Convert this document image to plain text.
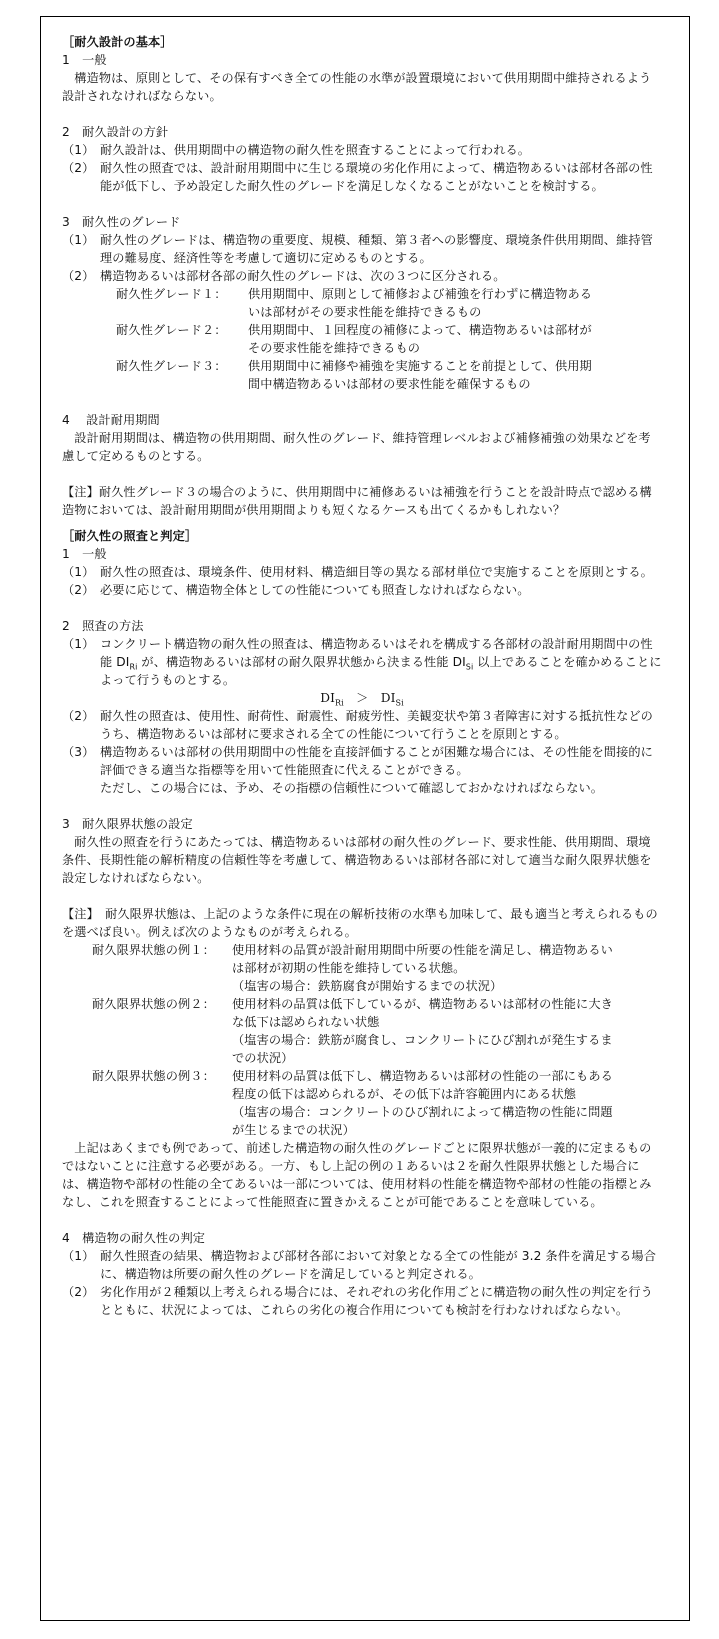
［耐久設計の基本］

1　一般

　構造物は、原則として、その保有すべき全ての性能の水準が設置環境において供用期間中維持されるよう設計されなければならない。

2　耐久設計の方針

（1） 耐久設計は、供用期間中の構造物の耐久性を照査することによって行われる。
（2） 耐久性の照査では、設計耐用期間中に生じる環境の劣化作用によって、構造物あるいは部材各部の性能が低下し、予め設定した耐久性のグレードを満足しなくなることがないことを検討する。

3　耐久性のグレード

（1） 耐久性のグレードは、構造物の重要度、規模、種類、第３者への影響度、環境条件供用期間、維持管理の難易度、経済性等を考慮して適切に定めるものとする。
（2） 構造物あるいは部材各部の耐久性のグレードは、次の３つに区分される。
耐久性グレード１：	供用期間中、原則として補修および補強を行わずに構造物あるいは部材がその要求性能を維持できるもの
耐久性グレード２：	供用期間中、１回程度の補修によって、構造物あるいは部材がその要求性能を維持できるもの
耐久性グレード３：	供用期間中に補修や補強を実施することを前提として、供用期間中構造物あるいは部材の要求性能を確保するもの

4　 設計耐用期間

　設計耐用期間は、構造物の供用期間、耐久性のグレード、維持管理レベルおよび補修補強の効果などを考慮して定めるものとする。

【注】耐久性グレード３の場合のように、供用期間中に補修あるいは補強を行うことを設計時点で認める構造物においては、設計耐用期間が供用期間よりも短くなるケースも出てくるかもしれない？

［耐久性の照査と判定］

1　一般

（1） 耐久性の照査は、環境条件、使用材料、構造細目等の異なる部材単位で実施することを原則とする。
（2） 必要に応じて、構造物全体としての性能についても照査しなければならない。

2　照査の方法

（1） コンクリート構造物の耐久性の照査は、構造物あるいはそれを構成する各部材の設計耐用期間中の性能 $DI_{Ri}$ が、構造物あるいは部材の耐久限界状態から決まる性能 $DI_{Si}$ 以上であることを確かめることによって行うものとする。

$DI_{Ri}$　 ＞　 $DI_{Si}$

（2） 耐久性の照査は、使用性、耐荷性、耐震性、耐疲労性、美観変状や第３者障害に対する抵抗性などのうち、構造物あるいは部材に要求される全ての性能について行うことを原則とする。
（3） 構造物あるいは部材の供用期間中の性能を直接評価することが困難な場合には、その性能を間接的に評価できる適当な指標等を用いて性能照査に代えることができる。
ただし、この場合には、予め、その指標の信頼性について確認しておかなければならない。

3　耐久限界状態の設定

　耐久性の照査を行うにあたっては、構造物あるいは部材の耐久性のグレード、要求性能、供用期間、環境条件、長期性能の解析精度の信頼性等を考慮して、構造物あるいは部材各部に対して適当な耐久限界状態を設定しなければならない。

【注】　耐久限界状態は、上記のような条件に現在の解析技術の水準も加味して、最も適当と考えられるものを選べば良い。例えば次のようなものが考えられる。

耐久限界状態の例１：	使用材料の品質が設計耐用期間中所要の性能を満足し、構造物あるいは部材が初期の性能を維持している状態。
（塩害の場合：鉄筋腐食が開始するまでの状況）
耐久限界状態の例２：	使用材料の品質は低下しているが、構造物あるいは部材の性能に大きな低下は認められない状態
（塩害の場合：鉄筋が腐食し、コンクリートにひび割れが発生するまでの状況）
耐久限界状態の例３：	使用材料の品質は低下し、構造物あるいは部材の性能の一部にもある程度の低下は認められるが、その低下は許容範囲内にある状態
（塩害の場合：コンクリートのひび割れによって構造物の性能に問題が生じるまでの状況）

　上記はあくまでも例であって、前述した構造物の耐久性のグレードごとに限界状態が一義的に定まるものではないことに注意する必要がある。一方、もし上記の例の１あるいは２を耐久性限界状態とした場合には、構造物や部材の性能の全てあるいは一部については、使用材料の性能を構造物や部材の性能の指標とみなし、これを照査することによって性能照査に置きかえることが可能であることを意味している。

4　構造物の耐久性の判定

（1） 耐久性照査の結果、構造物および部材各部において対象となる全ての性能が 3.2 条件を満足する場合に、構造物は所要の耐久性のグレードを満足していると判定される。
（2） 劣化作用が２種類以上考えられる場合には、それぞれの劣化作用ごとに構造物の耐久性の判定を行うとともに、状況によっては、これらの劣化の複合作用についても検討を行わなければならない。
